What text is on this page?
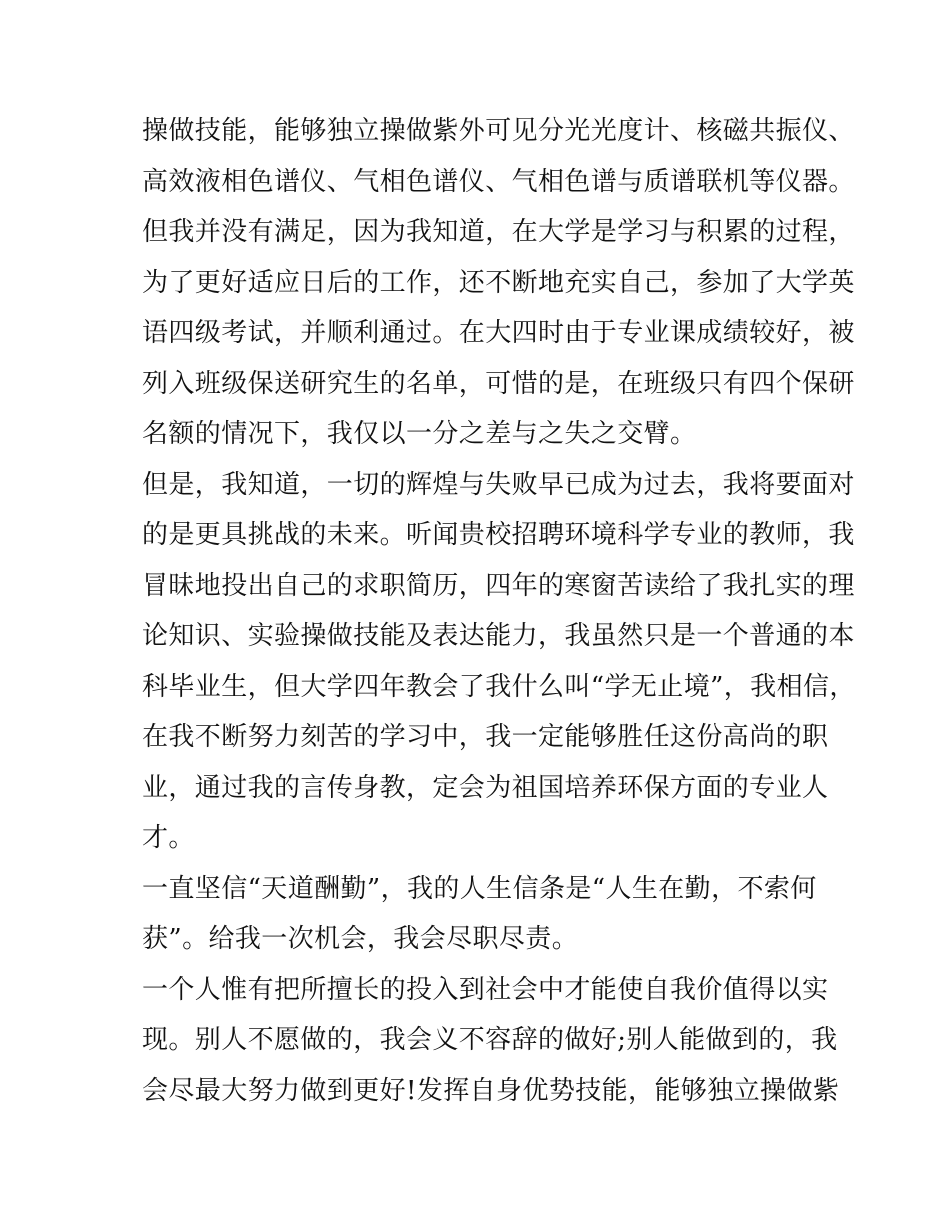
操做技能，能够独立操做紫外可见分光光度计、核磁共振仪、
高效液相色谱仪、气相色谱仪、气相色谱与质谱联机等仪器。
但我并没有满足，因为我知道，在大学是学习与积累的过程，
为了更好适应日后的工作，还不断地充实自己，参加了大学英
语四级考试，并顺利通过。在大四时由于专业课成绩较好，被
列入班级保送研究生的名单，可惜的是，在班级只有四个保研
名额的情况下，我仅以一分之差与之失之交臂。
但是，我知道，一切的辉煌与失败早已成为过去，我将要面对
的是更具挑战的未来。听闻贵校招聘环境科学专业的教师，我
冒昧地投出自己的求职简历，四年的寒窗苦读给了我扎实的理
论知识、实验操做技能及表达能力，我虽然只是一个普通的本
科毕业生，但大学四年教会了我什么叫“学无止境”，我相信，
在我不断努力刻苦的学习中，我一定能够胜任这份高尚的职
业，通过我的言传身教，定会为祖国培养环保方面的专业人
才。
一直坚信“天道酬勤”，我的人生信条是“人生在勤，不索何
获”。给我一次机会，我会尽职尽责。
一个人惟有把所擅长的投入到社会中才能使自我价值得以实
现。别人不愿做的，我会义不容辞的做好;别人能做到的，我
会尽最大努力做到更好!发挥自身优势技能，能够独立操做紫
